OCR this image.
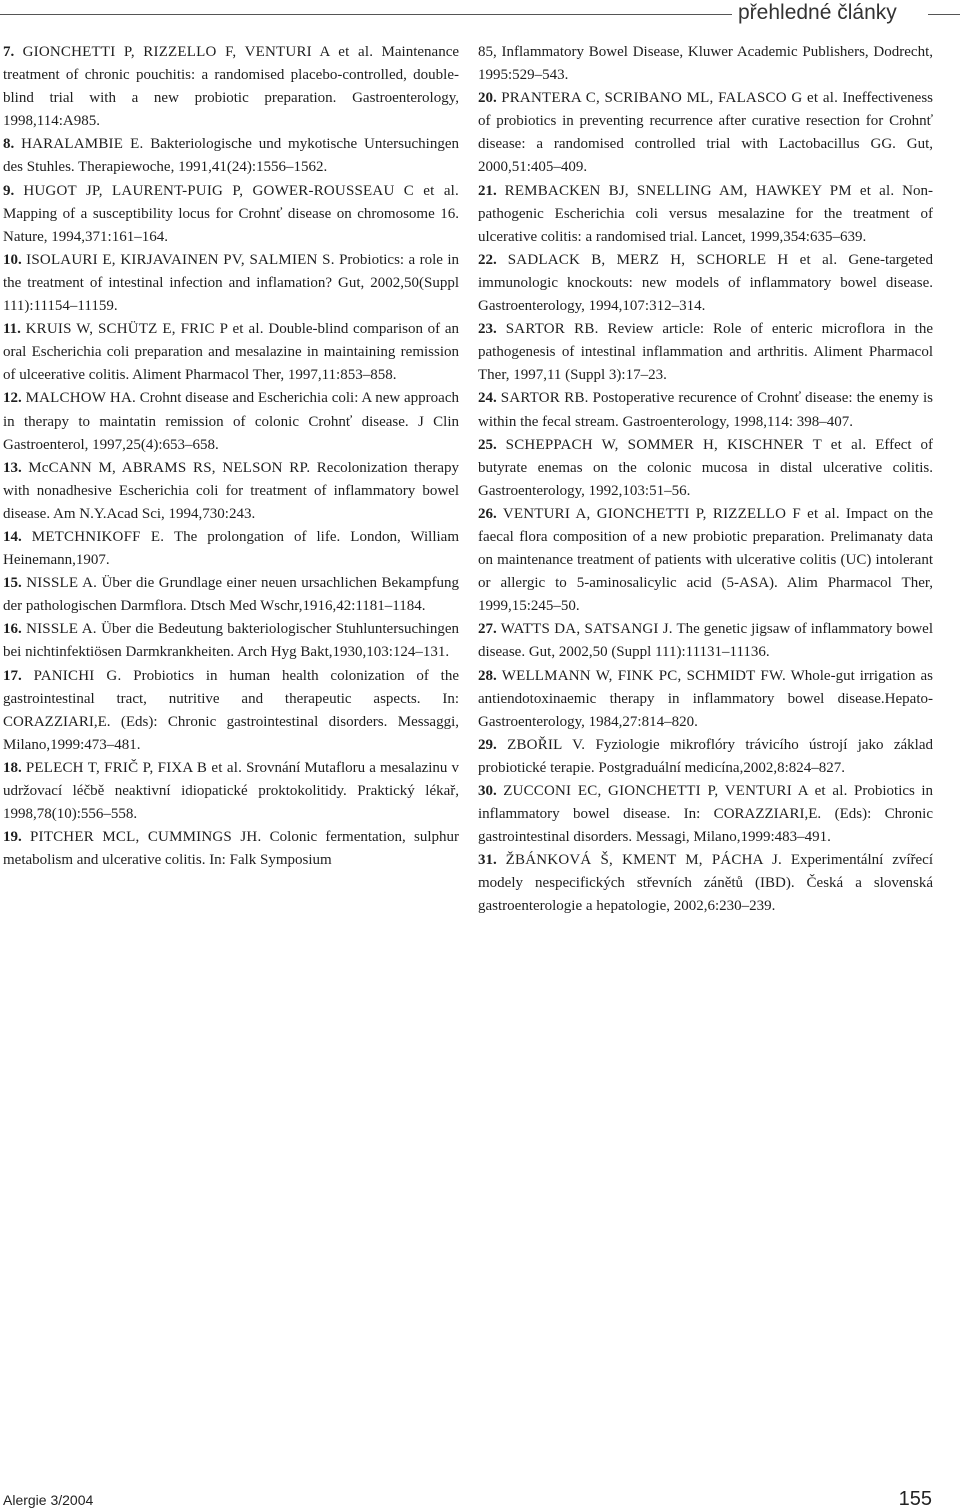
přehledné články

7. GIONCHETTI P, RIZZELLO F, VENTURI A et al. Maintenance treatment of chronic pouchitis: a randomised placebo-controlled, double-blind trial with a new probiotic preparation. Gastroenterology, 1998,114:A985.

8. HARALAMBIE E. Bakteriologische und mykotische Untersuchingen des Stuhles. Therapiewoche, 1991,41(24):1556–1562.

9. HUGOT JP, LAURENT-PUIG P, GOWER-ROUSSEAU C et al. Mapping of a susceptibility locus for Crohnť disease on chromosome 16. Nature, 1994,371:161–164.

10. ISOLAURI E, KIRJAVAINEN PV, SALMIEN S. Probiotics: a role in the treatment of intestinal infection and inflamation? Gut, 2002,50(Suppl 111):11154–11159.

11. KRUIS W, SCHÜTZ E, FRIC P et al. Double-blind comparison of an oral Escherichia coli preparation and mesalazine in maintaining remission of ulceerative colitis. Aliment Pharmacol Ther, 1997,11:853–858.

12. MALCHOW HA. Crohnt disease and Escherichia coli: A new approach in therapy to maintatin remission of colonic Crohnť disease. J Clin Gastroenterol, 1997,25(4):653–658.

13. McCANN M, ABRAMS RS, NELSON RP. Recolonization therapy with nonadhesive Escherichia coli for treatment of inflammatory bowel disease. Am N.Y.Acad Sci, 1994,730:243.

14. METCHNIKOFF E. The prolongation of life. London, William Heinemann,1907.

15. NISSLE A. Über die Grundlage einer neuen ursachlichen Bekampfung der pathologischen Darmflora. Dtsch Med Wschr,1916,42:1181–1184.

16. NISSLE A. Über die Bedeutung bakteriologischer Stuhluntersuchingen bei nichtinfektiösen Darmkrankheiten. Arch Hyg Bakt,1930,103:124–131.

17. PANICHI G. Probiotics in human health colonization of the gastrointestinal tract, nutritive and therapeutic aspects. In: CORAZZIARI,E. (Eds): Chronic gastrointestinal disorders. Messaggi, Milano,1999:473–481.

18. PELECH T, FRIČ P, FIXA B et al. Srovnání Mutafloru a mesalazinu v udržovací léčbě neaktivní idiopatické proktokolitidy. Praktický lékař, 1998,78(10):556–558.

19. PITCHER MCL, CUMMINGS JH. Colonic fermentation, sulphur metabolism and ulcerative colitis. In: Falk Symposium

85, Inflammatory Bowel Disease, Kluwer Academic Publishers, Dodrecht, 1995:529–543.

20. PRANTERA C, SCRIBANO ML, FALASCO G et al. Ineffectiveness of probiotics in preventing recurrence after curative resection for Crohnť disease: a randomised controlled trial with Lactobacillus GG. Gut, 2000,51:405–409.

21. REMBACKEN BJ, SNELLING AM, HAWKEY PM et al. Non-pathogenic Escherichia coli versus mesalazine for the treatment of ulcerative colitis: a randomised trial. Lancet, 1999,354:635–639.

22. SADLACK B, MERZ H, SCHORLE H et al. Gene-targeted immunologic knockouts: new models of inflammatory bowel disease. Gastroenterology, 1994,107:312–314.

23. SARTOR RB. Review article: Role of enteric microflora in the pathogenesis of intestinal inflammation and arthritis. Aliment Pharmacol Ther, 1997,11 (Suppl 3):17–23.

24. SARTOR RB. Postoperative recurence of Crohnť disease: the enemy is within the fecal stream. Gastroenterology, 1998,114: 398–407.

25. SCHEPPACH W, SOMMER H, KISCHNER T et al. Effect of butyrate enemas on the colonic mucosa in distal ulcerative colitis. Gastroenterology, 1992,103:51–56.

26. VENTURI A, GIONCHETTI P, RIZZELLO F et al. Impact on the faecal flora composition of a new probiotic preparation. Prelimanaty data on maintenance treatment of patients with ulcerative colitis (UC) intolerant or allergic to 5-aminosalicylic acid (5-ASA). Alim Pharmacol Ther, 1999,15:245–50.

27. WATTS DA, SATSANGI J. The genetic jigsaw of inflammatory bowel disease. Gut, 2002,50 (Suppl 111):11131–11136.

28. WELLMANN W, FINK PC, SCHMIDT FW. Whole-gut irrigation as antiendotoxinaemic therapy in inflammatory bowel disease.Hepato-Gastroenterology, 1984,27:814–820.

29. ZBOŘIL V. Fyziologie mikroflóry trávicího ústrojí jako základ probiotické terapie. Postgraduální medicína,2002,8:824–827.

30. ZUCCONI EC, GIONCHETTI P, VENTURI A et al. Probiotics in inflammatory bowel disease. In: CORAZZIARI,E. (Eds): Chronic gastrointestinal disorders. Messagi, Milano,1999:483–491.

31. ŽBÁNKOVÁ Š, KMENT M, PÁCHA J. Experimentální zvířecí modely nespecifických střevních zánětů (IBD). Česká a slovenská gastroenterologie a hepatologie, 2002,6:230–239.

Alergie 3/2004	155
